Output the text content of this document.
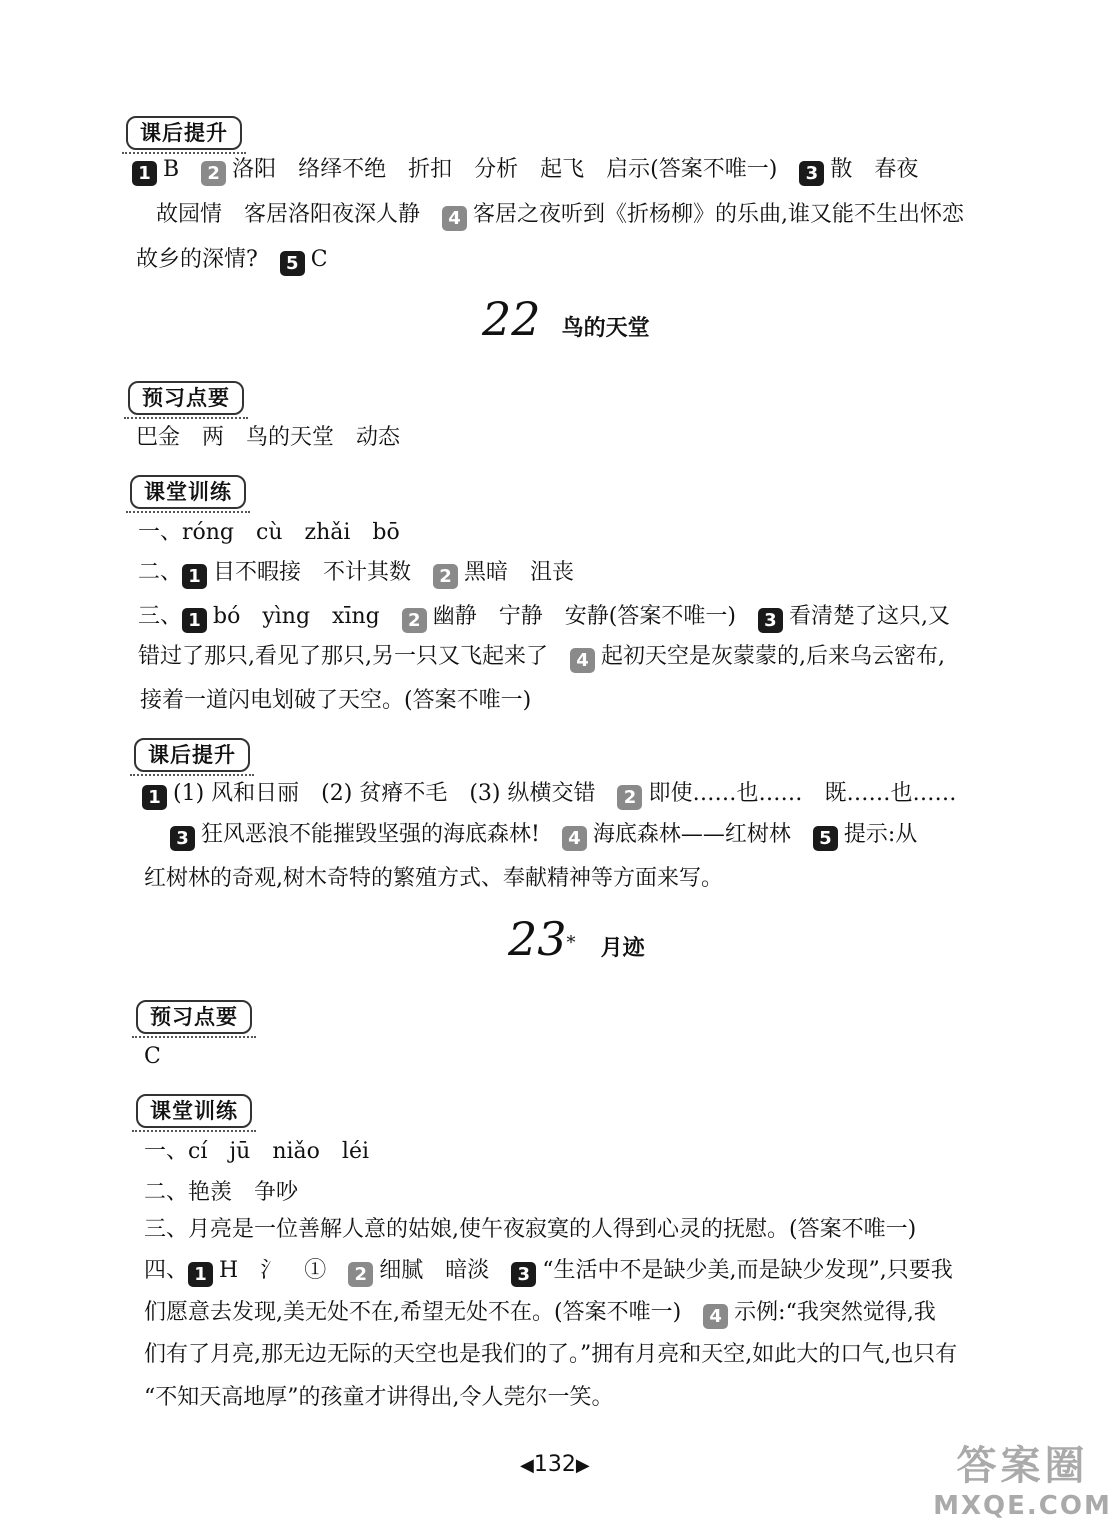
课后提升
1 B 2 洛阳　络绎不绝　折扣　分析　起飞　启示(答案不唯一) 3 散　春夜
故园情　客居洛阳夜深人静 4 客居之夜听到《折杨柳》的乐曲,谁又能不生出怀恋
故乡的深情? 5 C
22 鸟的天堂
预习点要
巴金　两　鸟的天堂　动态
课堂训练
一、róng　cù　zhǎi　bō
二、 1 目不暇接　不计其数 2 黑暗　沮丧
三、 1 bó　yìng　xīng 2 幽静　宁静　安静(答案不唯一) 3 看清楚了这只,又
错过了那只,看见了那只,另一只又飞起来了 4 起初天空是灰蒙蒙的,后来乌云密布,
接着一道闪电划破了天空。(答案不唯一)
课后提升
1 (1) 风和日丽　(2) 贫瘠不毛　(3) 纵横交错 2 即使……也……　既……也……
3 狂风恶浪不能摧毁坚强的海底森林! 4 海底森林——红树林 5 提示:从
红树林的奇观,树木奇特的繁殖方式、奉献精神等方面来写。
23* 月迹
预习点要
C
课堂训练
一、cí　jū　niǎo　léi
二、艳羡　争吵
三、月亮是一位善解人意的姑娘,使午夜寂寞的人得到心灵的抚慰。(答案不唯一)
四、 1 H　氵　① 2 细腻　暗淡 3 “生活中不是缺少美,而是缺少发现”,只要我
们愿意去发现,美无处不在,希望无处不在。(答案不唯一) 4 示例:“我突然觉得,我
们有了月亮,那无边无际的天空也是我们的了。”拥有月亮和天空,如此大的口气,也只有
“不知天高地厚”的孩童才讲得出,令人莞尔一笑。
◀132▶	答案圈
MXQE.COM
